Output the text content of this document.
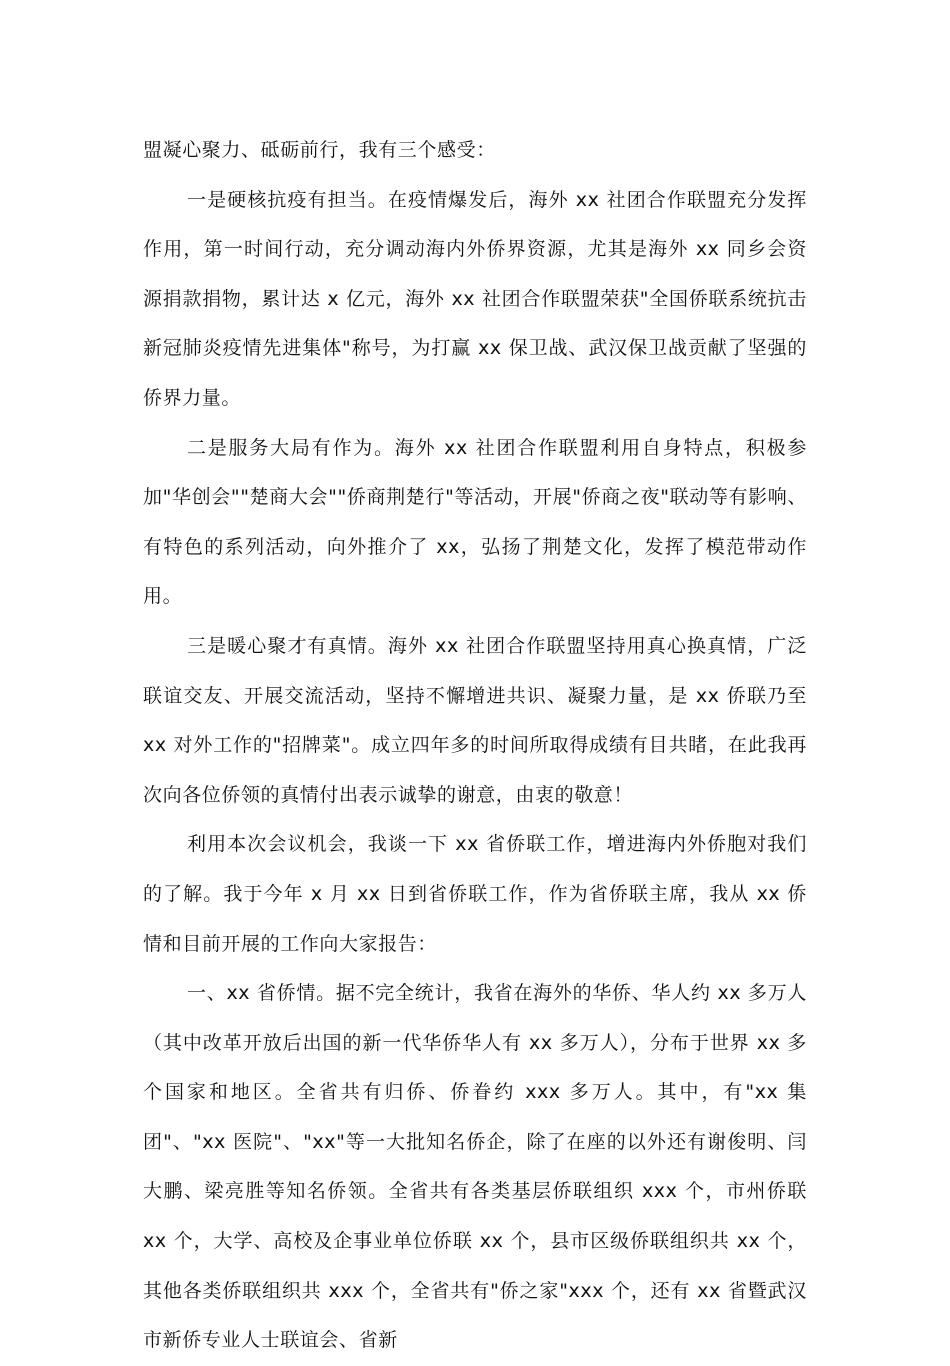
盟凝心聚力、砥砺前行，我有三个感受：

一是硬核抗疫有担当。在疫情爆发后，海外 xx 社团合作联盟充分发挥作用，第一时间行动，充分调动海内外侨界资源，尤其是海外 xx 同乡会资源捐款捐物，累计达 x 亿元，海外 xx 社团合作联盟荣获"全国侨联系统抗击新冠肺炎疫情先进集体"称号，为打赢 xx 保卫战、武汉保卫战贡献了坚强的侨界力量。

二是服务大局有作为。海外 xx 社团合作联盟利用自身特点，积极参加"华创会""楚商大会""侨商荆楚行"等活动，开展"侨商之夜"联动等有影响、有特色的系列活动，向外推介了 xx，弘扬了荆楚文化，发挥了模范带动作用。

三是暖心聚才有真情。海外 xx 社团合作联盟坚持用真心换真情，广泛联谊交友、开展交流活动，坚持不懈增进共识、凝聚力量，是 xx 侨联乃至 xx 对外工作的"招牌菜"。成立四年多的时间所取得成绩有目共睹，在此我再次向各位侨领的真情付出表示诚挚的谢意，由衷的敬意！

利用本次会议机会，我谈一下 xx 省侨联工作，增进海内外侨胞对我们的了解。我于今年 x 月 xx 日到省侨联工作，作为省侨联主席，我从 xx 侨情和目前开展的工作向大家报告：

一、xx 省侨情。据不完全统计，我省在海外的华侨、华人约 xx 多万人（其中改革开放后出国的新一代华侨华人有 xx 多万人），分布于世界 xx 多个国家和地区。全省共有归侨、侨眷约 xxx 多万人。其中，有"xx 集团"、"xx 医院"、"xx"等一大批知名侨企，除了在座的以外还有谢俊明、闫大鹏、梁亮胜等知名侨领。全省共有各类基层侨联组织 xxx 个，市州侨联 xx 个，大学、高校及企事业单位侨联 xx 个，县市区级侨联组织共 xx 个，其他各类侨联组织共 xxx 个，全省共有"侨之家"xxx 个，还有 xx 省暨武汉市新侨专业人士联谊会、省新
